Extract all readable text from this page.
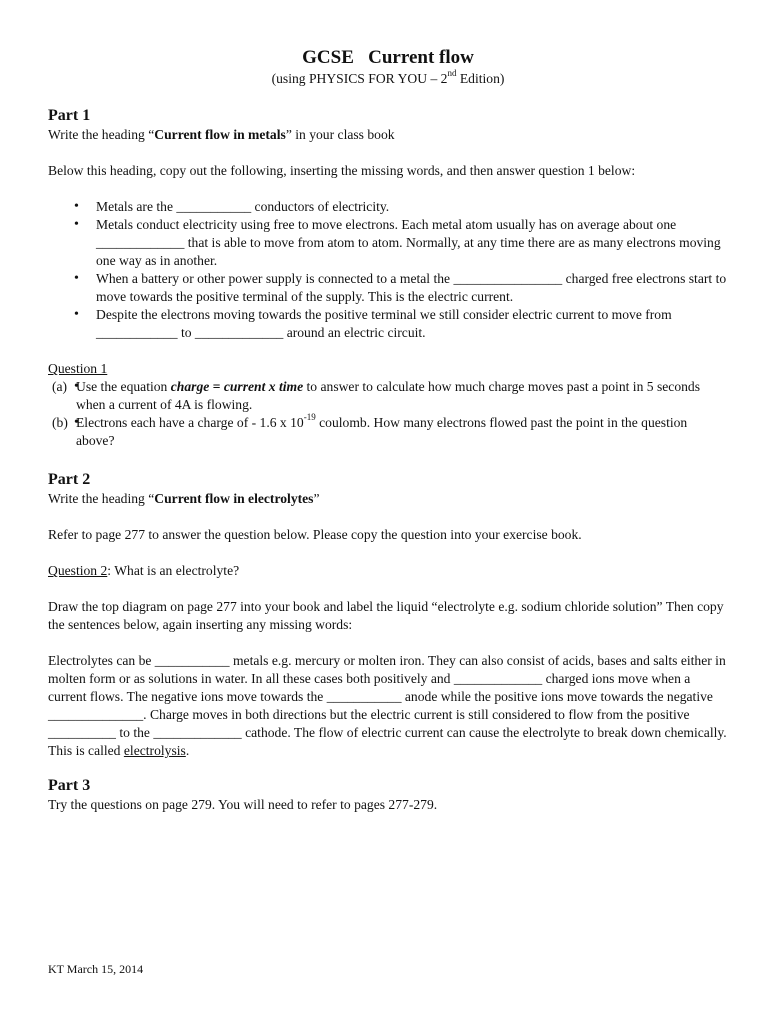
GCSE   Current flow
(using PHYSICS FOR YOU – 2nd Edition)
Part 1

Write the heading “Current flow in metals” in your class book

Below this heading, copy out the following, inserting the missing words, and then answer question 1 below:

• Metals are the ___________ conductors of electricity.
• Metals conduct electricity using free to move electrons. Each metal atom usually has on average about one _____________ that is able to move from atom to atom. Normally, at any time there are as many electrons moving one way as in another.
• When a battery or other power supply is connected to a metal the ________________ charged free electrons start to move towards the positive terminal of the supply. This is the electric current.
• Despite the electrons moving towards the positive terminal we still consider electric current to move from ____________ to _____________ around an electric circuit.

Question 1

• (a) Use the equation charge = current x time to answer to calculate how much charge moves past a point in 5 seconds when a current of 4A is flowing.
• (b) Electrons each have a charge of - 1.6 x $10^{-19}$ coulomb. How many electrons flowed past the point in the question above?
Part 2

Write the heading “Current flow in electrolytes”

Refer to page 277 to answer the question below. Please copy the question into your exercise book.

Question 2: What is an electrolyte?

Draw the top diagram on page 277 into your book and label the liquid “electrolyte e.g. sodium chloride solution” Then copy the sentences below, again inserting any missing words:

Electrolytes can be ___________ metals e.g. mercury or molten iron. They can also consist of acids, bases and salts either in molten form or as solutions in water. In all these cases both positively and _____________ charged ions move when a current flows. The negative ions move towards the ___________ anode while the positive ions move towards the negative ______________. Charge moves in both directions but the electric current is still considered to flow from the positive __________ to the _____________ cathode. The flow of electric current can cause the electrolyte to break down chemically. This is called electrolysis.

Part 3

Try the questions on page 279. You will need to refer to pages 277-279.

KT March 15, 2014
